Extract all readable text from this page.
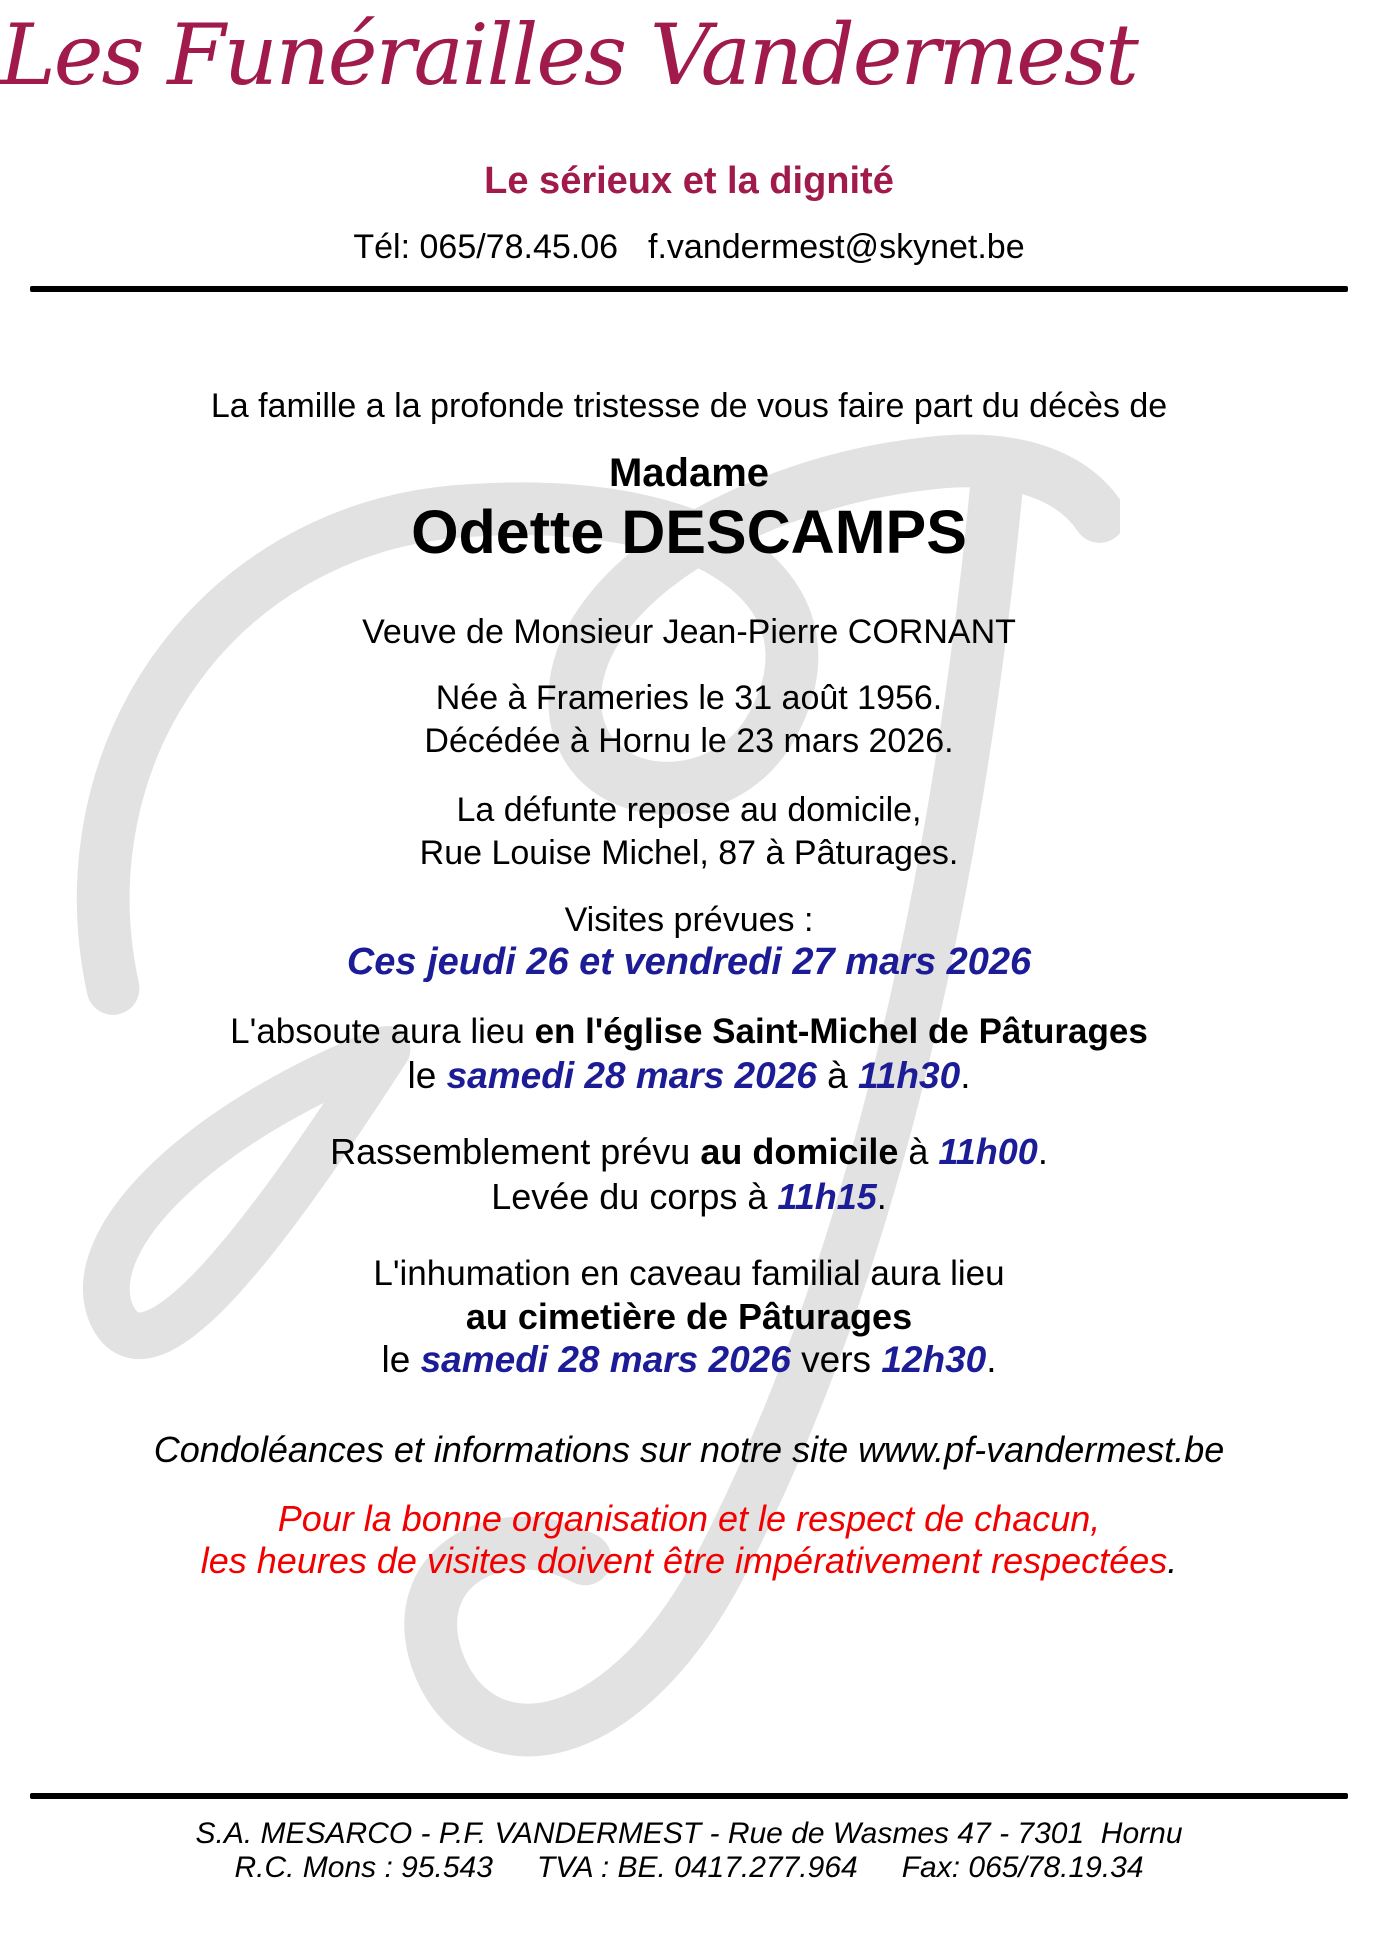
Les Funérailles Vandermest
Le sérieux et la dignité
Tél: 065/78.45.06 f.vandermest@skynet.be
La famille a la profonde tristesse de vous faire part du décès de
Madame
Odette DESCAMPS
Veuve de Monsieur Jean-Pierre CORNANT
Née à Frameries le 31 août 1956.
Décédée à Hornu le 23 mars 2026.
La défunte repose au domicile,
Rue Louise Michel, 87 à Pâturages.
Visites prévues :
Ces jeudi 26 et vendredi 27 mars 2026
L'absoute aura lieu en l'église Saint-Michel de Pâturages
le samedi 28 mars 2026 à 11h30.
Rassemblement prévu au domicile à 11h00.
Levée du corps à 11h15.
L'inhumation en caveau familial aura lieu
au cimetière de Pâturages
le samedi 28 mars 2026 vers 12h30.
Condoléances et informations sur notre site www.pf-vandermest.be
Pour la bonne organisation et le respect de chacun,
les heures de visites doivent être impérativement respectées.
S.A. MESARCO - P.F. VANDERMEST - Rue de Wasmes 47 - 7301  Hornu
R.C. Mons : 95.543 TVA : BE. 0417.277.964 Fax: 065/78.19.34
